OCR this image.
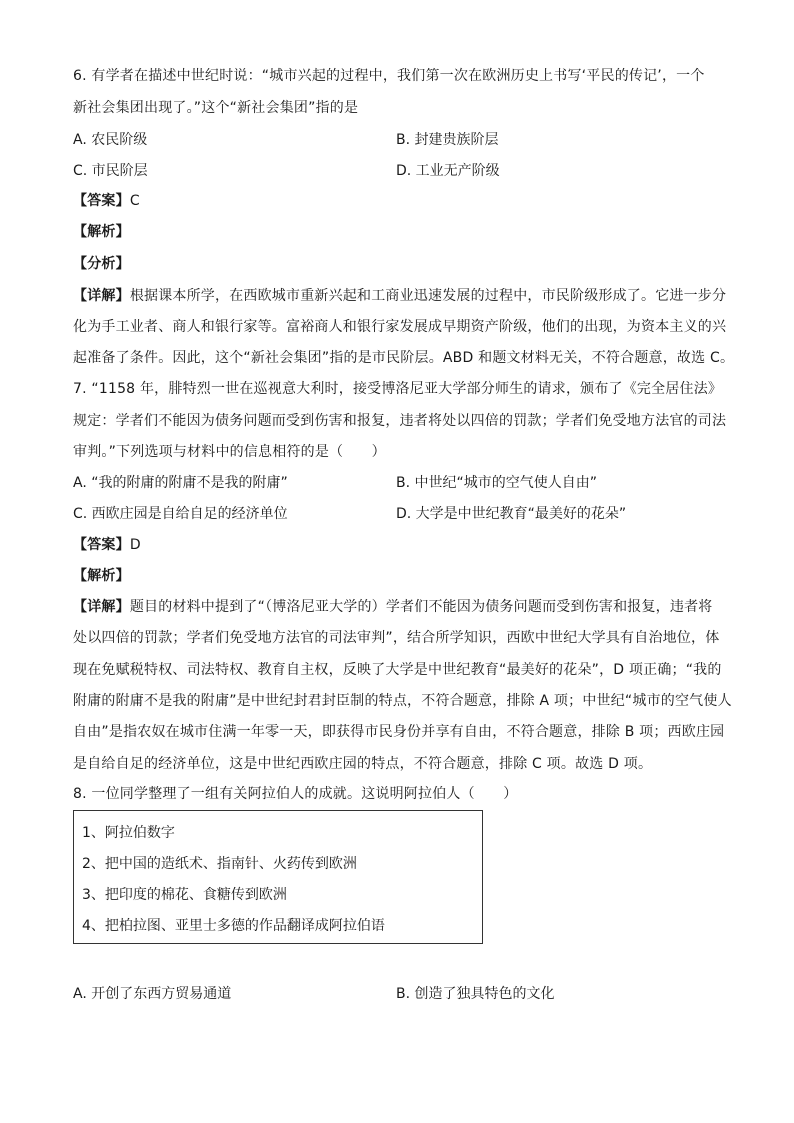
6. 有学者在描述中世纪时说：“城市兴起的过程中，我们第一次在欧洲历史上书写‘平民的传记’，一个
新社会集团出现了。”这个“新社会集团”指的是
A. 农民阶级	B. 封建贵族阶层
C. 市民阶层	D. 工业无产阶级
【答案】C
【解析】
【分析】
【详解】根据课本所学，在西欧城市重新兴起和工商业迅速发展的过程中，市民阶级形成了。它进一步分
化为手工业者、商人和银行家等。富裕商人和银行家发展成早期资产阶级，他们的出现，为资本主义的兴
起准备了条件。因此，这个“新社会集团”指的是市民阶层。ABD 和题文材料无关，不符合题意，故选 C。
7. “1158 年，腓特烈一世在巡视意大利时，接受博洛尼亚大学部分师生的请求，颁布了《完全居住法》
规定：学者们不能因为债务问题而受到伤害和报复，违者将处以四倍的罚款；学者们免受地方法官的司法
审判。”下列选项与材料中的信息相符的是（　　）
A. “我的附庸的附庸不是我的附庸”	B. 中世纪“城市的空气使人自由”
C. 西欧庄园是自给自足的经济单位	D. 大学是中世纪教育“最美好的花朵”
【答案】D
【解析】
【详解】题目的材料中提到了“（博洛尼亚大学的）学者们不能因为债务问题而受到伤害和报复，违者将
处以四倍的罚款；学者们免受地方法官的司法审判”，结合所学知识，西欧中世纪大学具有自治地位，体
现在免赋税特权、司法特权、教育自主权，反映了大学是中世纪教育“最美好的花朵”，D 项正确；“我的
附庸的附庸不是我的附庸”是中世纪封君封臣制的特点，不符合题意，排除 A 项；中世纪“城市的空气使人
自由”是指农奴在城市住满一年零一天，即获得市民身份并享有自由，不符合题意，排除 B 项；西欧庄园
是自给自足的经济单位，这是中世纪西欧庄园的特点，不符合题意，排除 C 项。故选 D 项。
8. 一位同学整理了一组有关阿拉伯人的成就。这说明阿拉伯人（　　）
1、阿拉伯数字
2、把中国的造纸术、指南针、火药传到欧洲
3、把印度的棉花、食糖传到欧洲
4、把柏拉图、亚里士多德的作品翻译成阿拉伯语
A. 开创了东西方贸易通道	B. 创造了独具特色的文化
